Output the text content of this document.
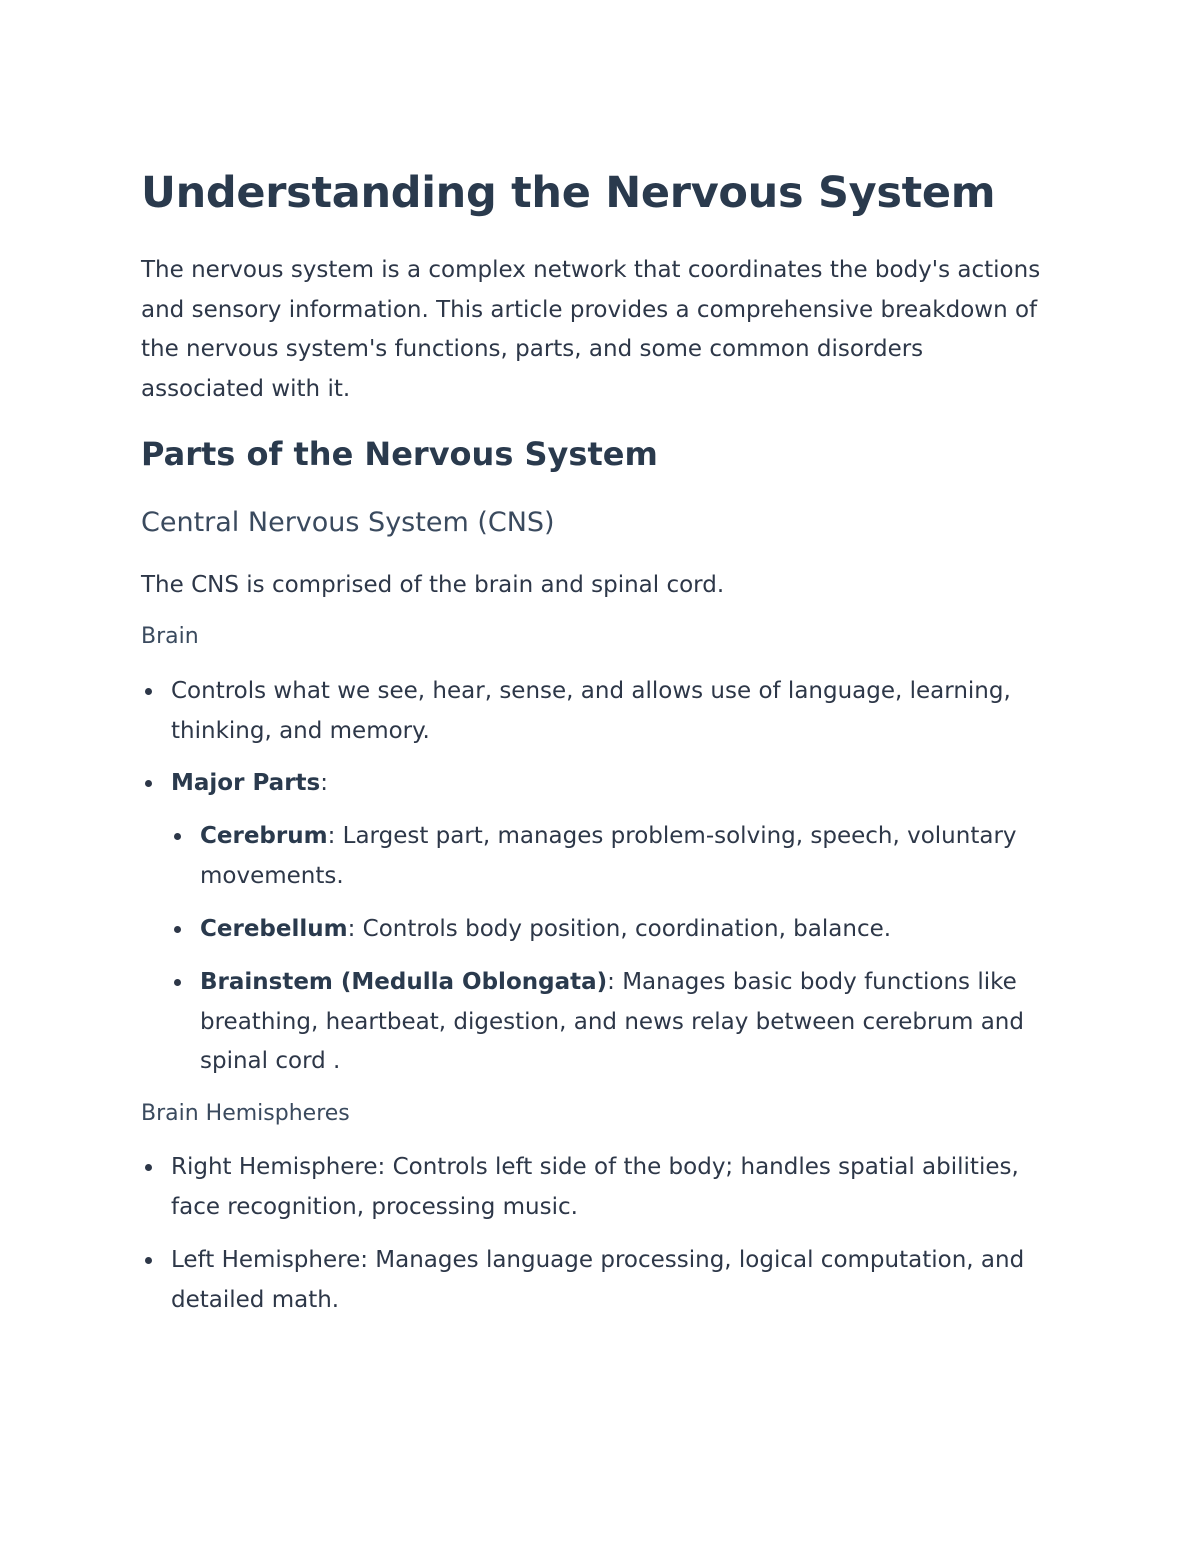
Understanding the Nervous System

The nervous system is a complex network that coordinates the body's actions and sensory information. This article provides a comprehensive breakdown of the nervous system's functions, parts, and some common disorders associated with it.

Parts of the Nervous System
Central Nervous System (CNS)

The CNS is comprised of the brain and spinal cord.

Brain
Controls what we see, hear, sense, and allows use of language, learning, thinking, and memory.
Major Parts:
Cerebrum: Largest part, manages problem-solving, speech, voluntary movements.
Cerebellum: Controls body position, coordination, balance.
Brainstem (Medulla Oblongata): Manages basic body functions like breathing, heartbeat, digestion, and news relay between cerebrum and spinal cord .
Brain Hemispheres
Right Hemisphere: Controls left side of the body; handles spatial abilities, face recognition, processing music.
Left Hemisphere: Manages language processing, logical computation, and detailed math.
